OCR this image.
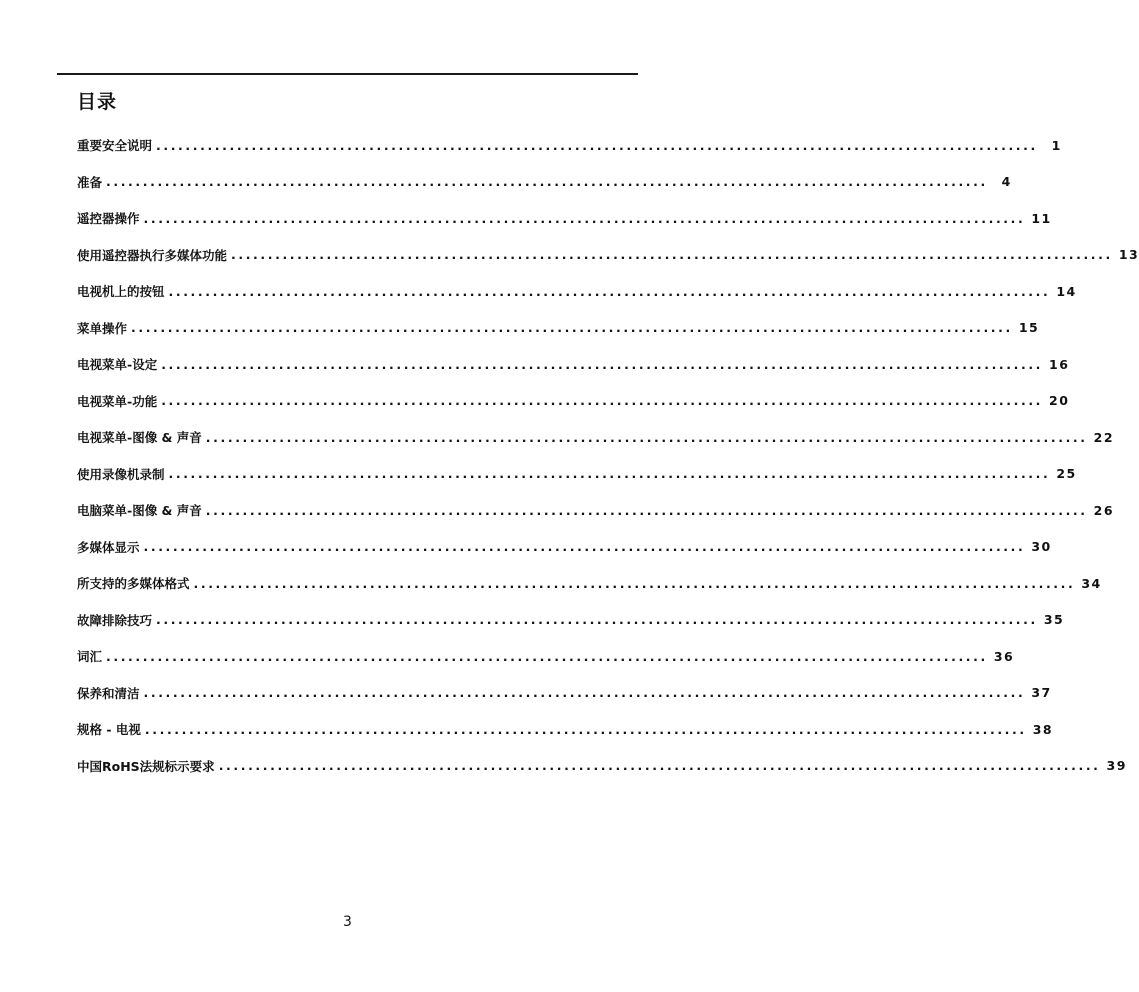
目录
重要安全说明 ........................................................................................................................	1
准备 ........................................................................................................................	4
遥控器操作 ........................................................................................................................ 11
使用遥控器执行多媒体功能 ........................................................................................................................ 13
电视机上的按钮 ........................................................................................................................ 14
菜单操作 ........................................................................................................................ 15
电视菜单-设定 ........................................................................................................................ 16
电视菜单-功能 ........................................................................................................................ 20
电视菜单-图像 & 声音 ........................................................................................................................ 22
使用录像机录制 ........................................................................................................................ 25
电脑菜单-图像 & 声音 ........................................................................................................................ 26
多媒体显示 ........................................................................................................................ 30
所支持的多媒体格式 ........................................................................................................................ 34
故障排除技巧 ........................................................................................................................ 35
词汇 ........................................................................................................................ 36
保养和清洁 ........................................................................................................................ 37
规格 - 电视 ........................................................................................................................ 38
中国RoHS法规标示要求 ........................................................................................................................ 39
3
